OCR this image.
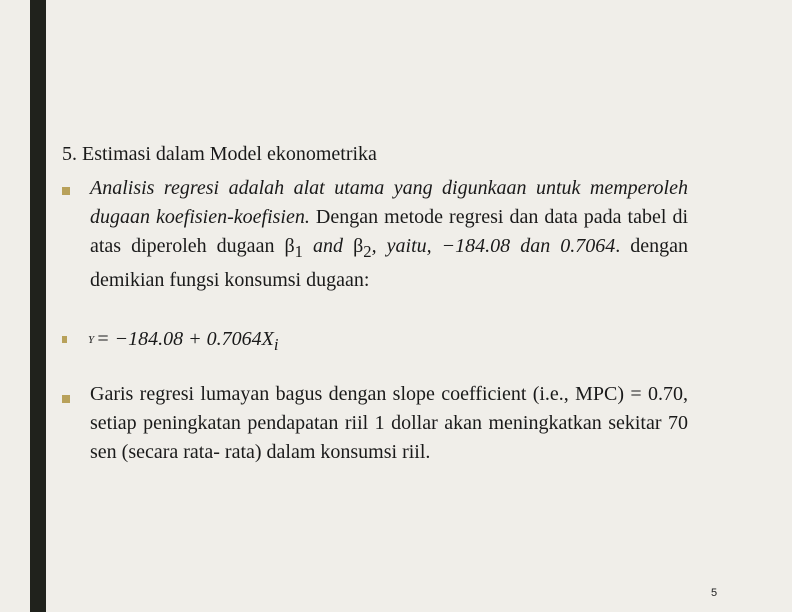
5. Estimasi dalam Model ekonometrika
Analisis regresi adalah alat utama yang digunkaan untuk memperoleh dugaan koefisien-koefisien. Dengan metode regresi dan data pada tabel di atas diperoleh dugaan $\beta_1$ and $\beta_2$, yaitu, −184.08 dan 0.7064. dengan demikian fungsi konsumsi dugaan:
$Y = -184.08 + 0.7064X_i$
Garis regresi lumayan bagus dengan slope coefficient (i.e., MPC) = 0.70, setiap peningkatan pendapatan riil 1 dollar akan meningkatkan sekitar 70 sen (secara rata- rata) dalam konsumsi riil.
5
